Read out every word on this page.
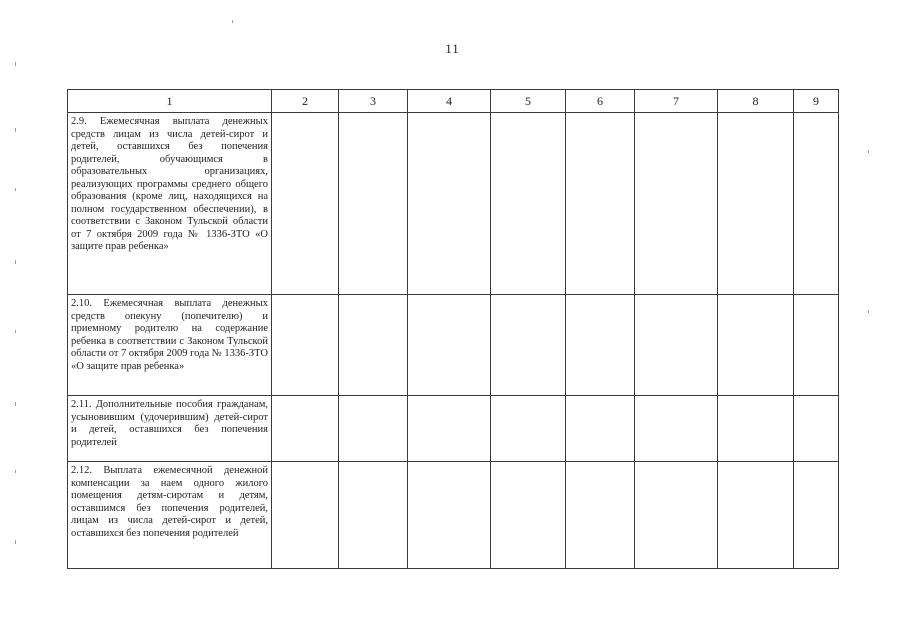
11
1	2	3	4	5	6	7	8	9

2.9. Ежемесячная выплата денежных средств лицам из числа детей-сирот и детей, оставшихся без попечения родителей, обучающимся в образовательных организациях, реализующих программы среднего общего образования (кроме лиц, находящихся на полном государственном обеспечении), в соответствии с Законом Тульской области от 7 октября 2009 года № 1336-ЗТО «О защите прав ребенка»								

2.10. Ежемесячная выплата денежных средств опекуну (попечителю) и приемному родителю на содержание ребенка в соответствии с Законом Тульской области от 7 октября 2009 года № 1336-ЗТО «О защите прав ребенка»								

2.11. Дополнительные пособия гражданам, усыновившим (удочерившим) детей-сирот и детей, оставшихся без попечения родителей								

2.12. Выплата ежемесячной денежной компенсации за наем одного жилого помещения детям-сиротам и детям, оставшимся без попечения родителей, лицам из числа детей-сирот и детей, оставшихся без попечения родителей								
